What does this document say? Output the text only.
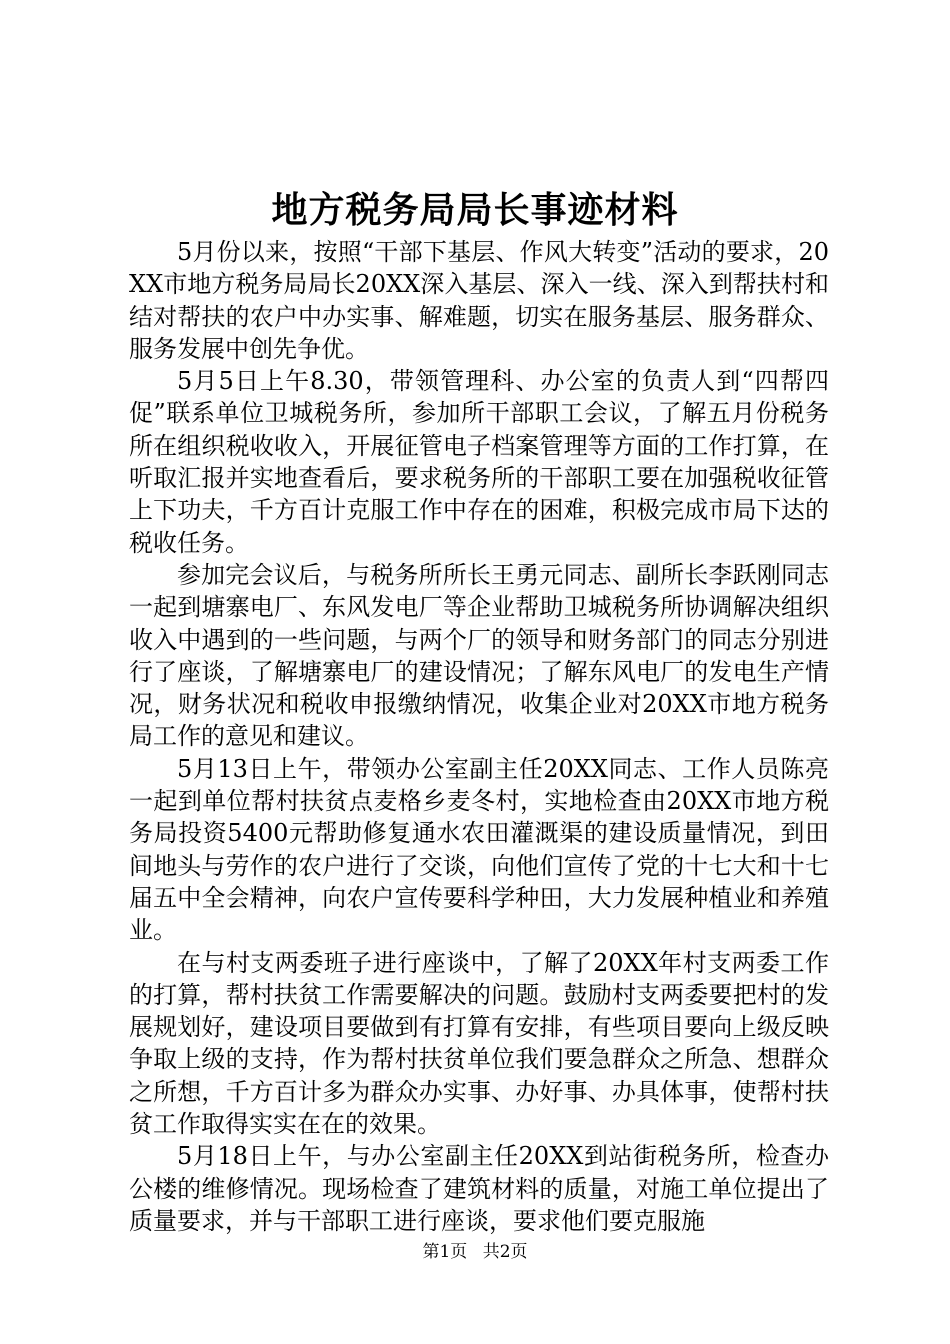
地方税务局局长事迹材料

5月份以来，按照“干部下基层、作风大转变”活动的要求，20XX市地方税务局局长20XX深入基层、深入一线、深入到帮扶村和结对帮扶的农户中办实事、解难题，切实在服务基层、服务群众、服务发展中创先争优。

5月5日上午8.30，带领管理科、办公室的负责人到“四帮四促”联系单位卫城税务所，参加所干部职工会议，了解五月份税务所在组织税收收入，开展征管电子档案管理等方面的工作打算，在听取汇报并实地查看后，要求税务所的干部职工要在加强税收征管上下功夫，千方百计克服工作中存在的困难，积极完成市局下达的税收任务。

参加完会议后，与税务所所长王勇元同志、副所长李跃刚同志一起到塘寨电厂、东风发电厂等企业帮助卫城税务所协调解决组织收入中遇到的一些问题，与两个厂的领导和财务部门的同志分别进行了座谈，了解塘寨电厂的建设情况；了解东风电厂的发电生产情况，财务状况和税收申报缴纳情况，收集企业对20XX市地方税务局工作的意见和建议。

5月13日上午，带领办公室副主任20XX同志、工作人员陈亮一起到单位帮村扶贫点麦格乡麦冬村，实地检查由20XX市地方税务局投资5400元帮助修复通水农田灌溉渠的建设质量情况，到田间地头与劳作的农户进行了交谈，向他们宣传了党的十七大和十七届五中全会精神，向农户宣传要科学种田，大力发展种植业和养殖业。

在与村支两委班子进行座谈中，了解了20XX年村支两委工作的打算，帮村扶贫工作需要解决的问题。鼓励村支两委要把村的发展规划好，建设项目要做到有打算有安排，有些项目要向上级反映争取上级的支持，作为帮村扶贫单位我们要急群众之所急、想群众之所想，千方百计多为群众办实事、办好事、办具体事，使帮村扶贫工作取得实实在在的效果。

5月18日上午，与办公室副主任20XX到站街税务所，检查办公楼的维修情况。现场检查了建筑材料的质量，对施工单位提出了质量要求，并与干部职工进行座谈，要求他们要克服施

第1页 共2页
